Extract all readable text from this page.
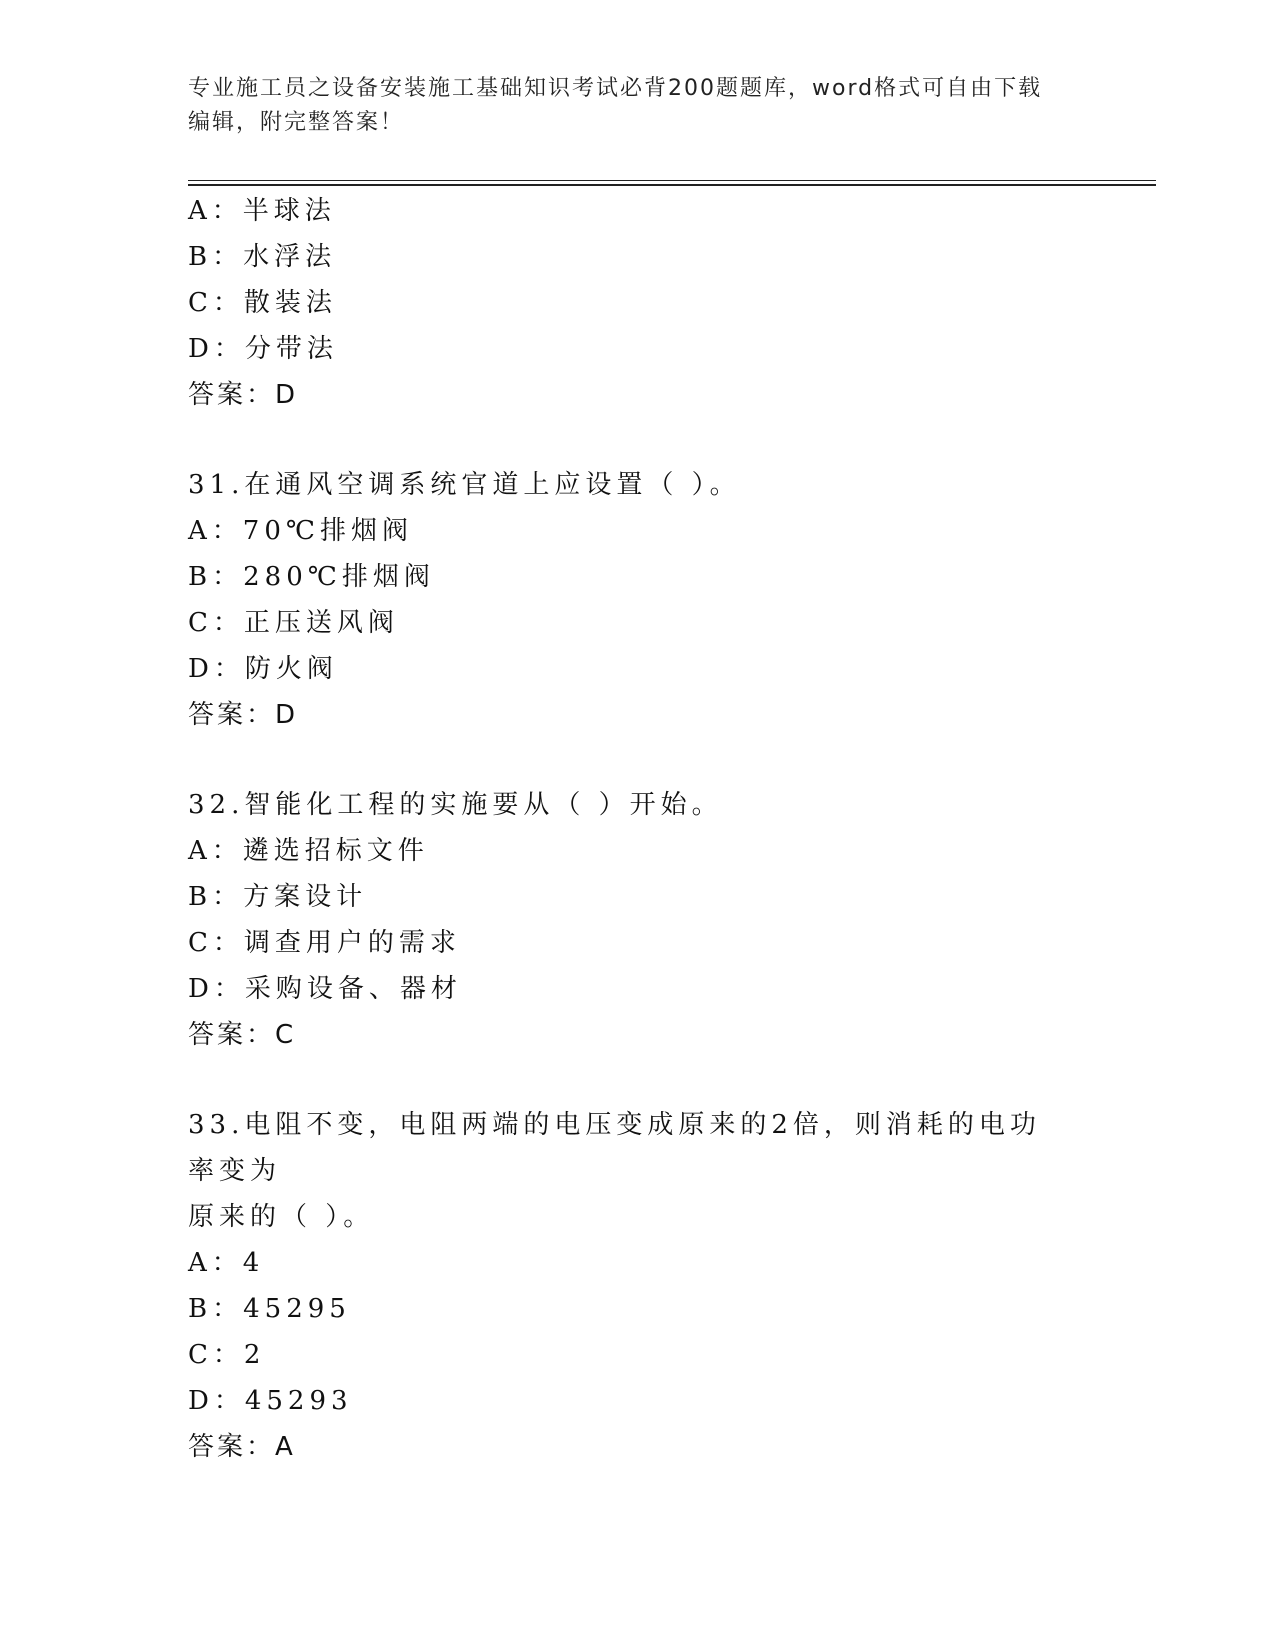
专业施工员之设备安装施工基础知识考试必背200题题库，word格式可自由下载
编辑，附完整答案！
A：半球法
B：水浮法
C：散装法
D：分带法
答案：D
31.在通风空调系统官道上应设置（ ）。
A：70℃排烟阀
B：280℃排烟阀
C：正压送风阀
D：防火阀
答案：D
32.智能化工程的实施要从（ ）开始。
A：遴选招标文件
B：方案设计
C：调查用户的需求
D：采购设备、器材
答案：C
33.电阻不变，电阻两端的电压变成原来的2倍，则消耗的电功率变为
原来的（ ）。
A：4
B：45295
C：2
D：45293
答案：A
